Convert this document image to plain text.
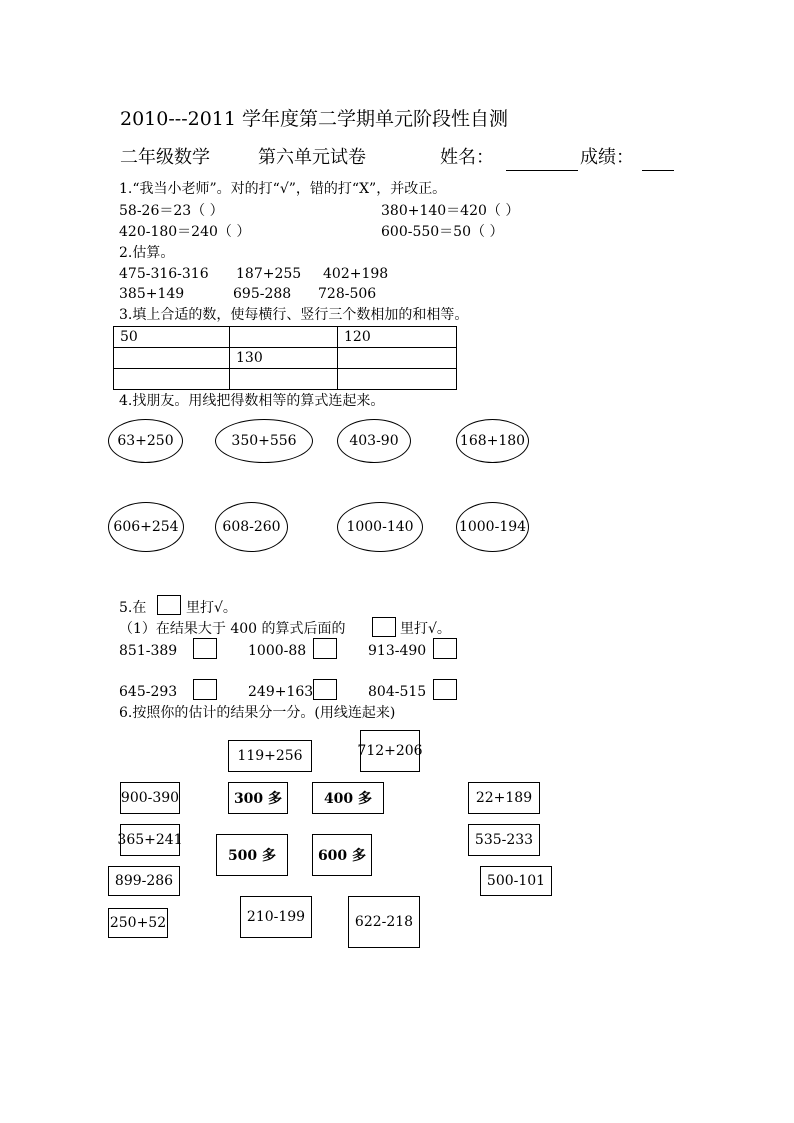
2010---2011 学年度第二学期单元阶段性自测
二年级数学	第六单元试卷	姓名：	成绩：
1.“我当小老师”。对的打“√”，错的打“X”，并改正。
58-26＝23（ ）	380+140＝420（ ）
420-180＝240（ ）	600-550＝50（ ）
2.估算。
475-316-316 187+255 402+198
385+149	695-288 728-506
3.填上合适的数，使每横行、竖行三个数相加的和相等。
50		120
	130	

4.找朋友。用线把得数相等的算式连起来。
63+250	350+556	403-90	168+180
606+254	608-260	1000-140	1000-194
5.在	里打√。
（1）在结果大于 400 的算式后面的	里打√。
851-389	1000-88	913-490
645-293	249+163	804-515
6.按照你的估计的结果分一分。(用线连起来)
119+256	712+206
900-390	300 多	400 多	22+189
365+241	535-233
500 多	600 多
899-286	500-101
250+52	210-199	622-218
